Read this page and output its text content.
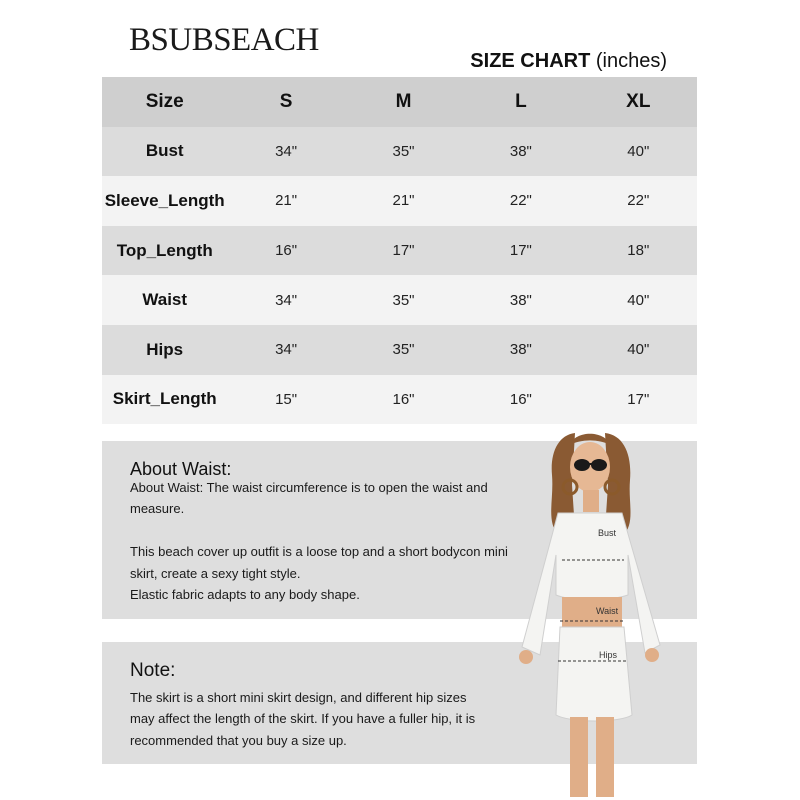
BSUBSEACH
SIZE CHART (inches)
Size	S	M	L	XL
Bust	34"	35"	38"	40"
Sleeve_Length	21"	21"	22"	22"
Top_Length	16"	17"	17"	18"
Waist	34"	35"	38"	40"
Hips	34"	35"	38"	40"
Skirt_Length	15"	16"	16"	17"
About Waist:

About Waist: The waist circumference is to open the waist and

measure.

This beach cover up outfit is a loose top and a short bodycon mini

skirt, create a sexy tight style.

Elastic fabric adapts to any body shape.

Note:

The skirt is a short mini skirt design, and different hip sizes

may affect the length of the skirt. If you have a fuller hip, it is

recommended that you buy a size up.

Bust
Waist
Hips
